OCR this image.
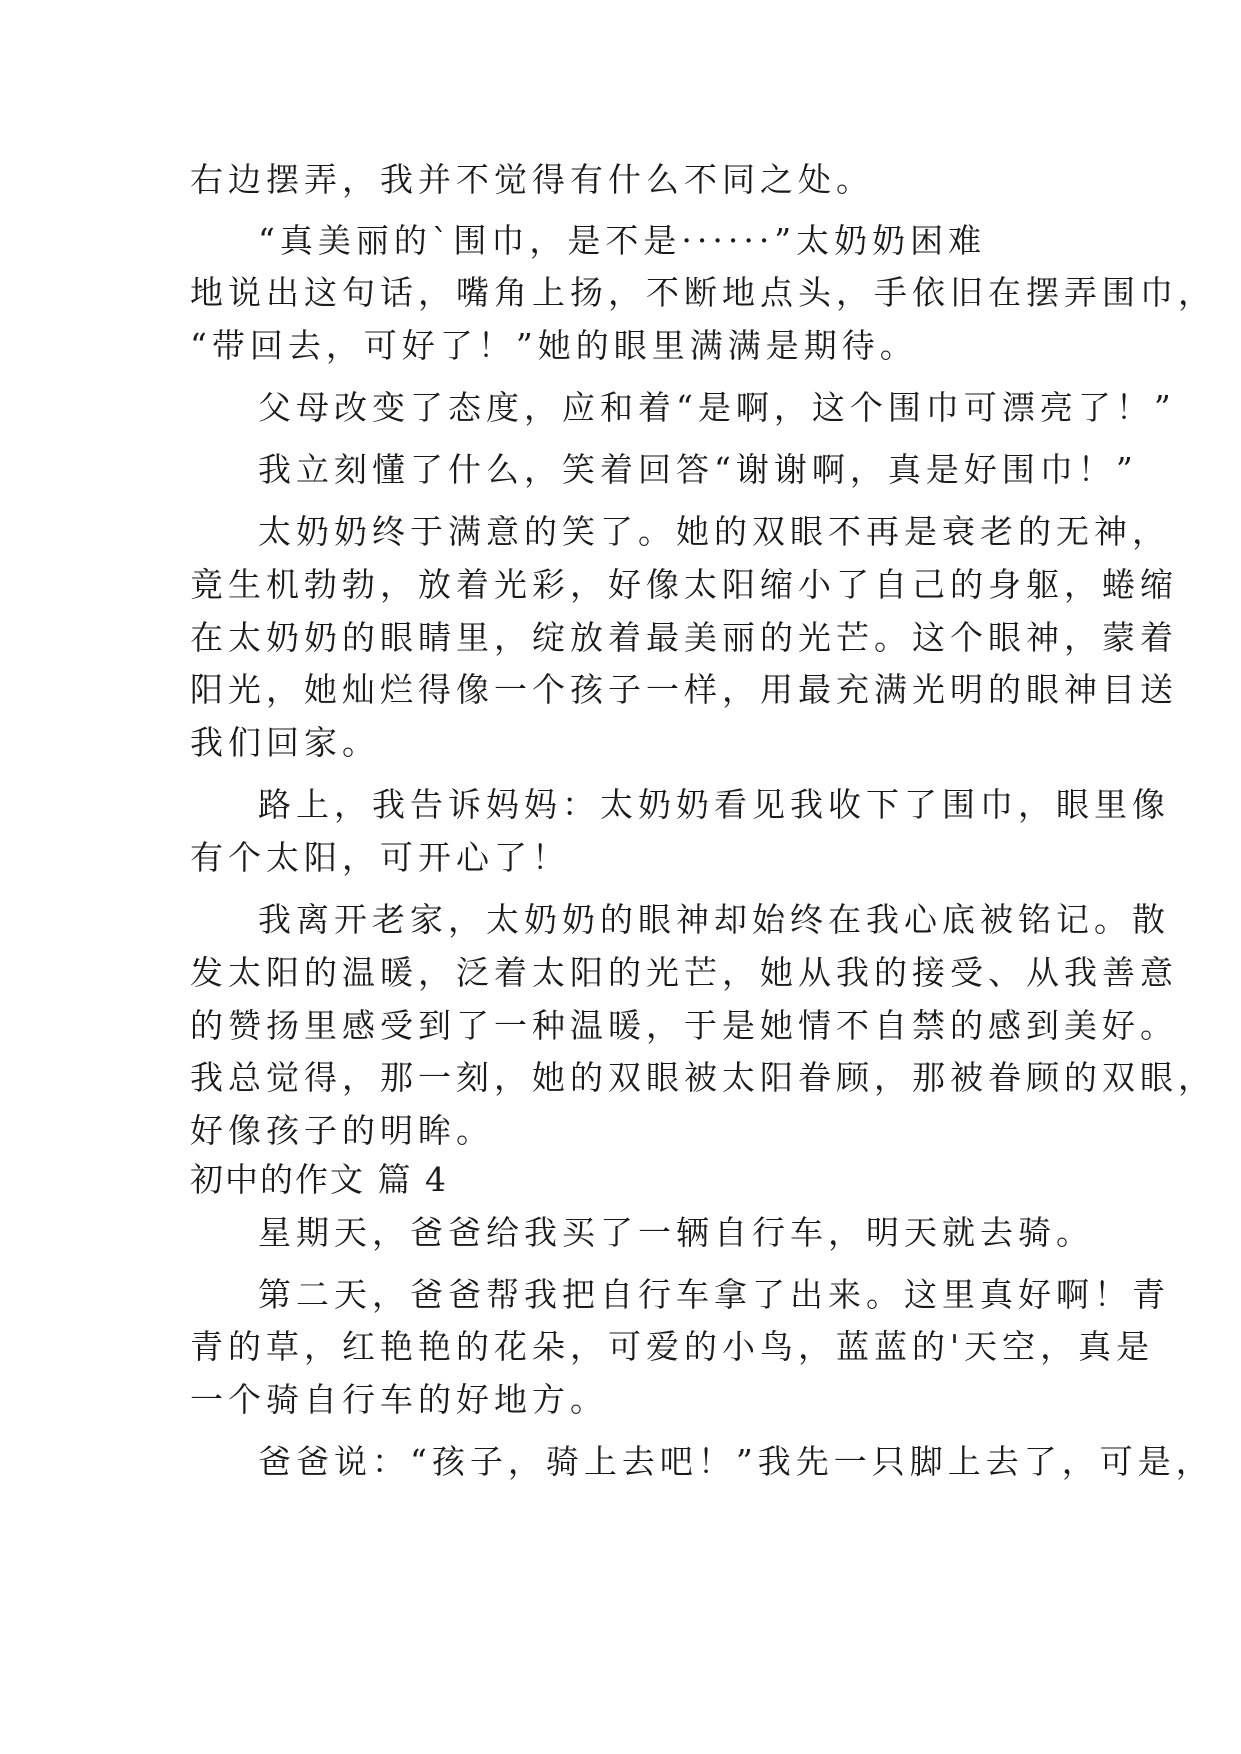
右边摆弄，我并不觉得有什么不同之处。
“真美丽的`围巾，是不是······”太奶奶困难
地说出这句话，嘴角上扬，不断地点头，手依旧在摆弄围巾，
“带回去，可好了！”她的眼里满满是期待。
父母改变了态度，应和着“是啊，这个围巾可漂亮了！”
我立刻懂了什么，笑着回答“谢谢啊，真是好围巾！”
太奶奶终于满意的笑了。她的双眼不再是衰老的无神，
竟生机勃勃，放着光彩，好像太阳缩小了自己的身躯，蜷缩
在太奶奶的眼睛里，绽放着最美丽的光芒。这个眼神，蒙着
阳光，她灿烂得像一个孩子一样，用最充满光明的眼神目送
我们回家。
路上，我告诉妈妈：太奶奶看见我收下了围巾，眼里像
有个太阳，可开心了！
我离开老家，太奶奶的眼神却始终在我心底被铭记。散
发太阳的温暖，泛着太阳的光芒，她从我的接受、从我善意
的赞扬里感受到了一种温暖，于是她情不自禁的感到美好。
我总觉得，那一刻，她的双眼被太阳眷顾，那被眷顾的双眼，
好像孩子的明眸。
初中的作文 篇 4
星期天，爸爸给我买了一辆自行车，明天就去骑。
第二天，爸爸帮我把自行车拿了出来。这里真好啊！青
青的草，红艳艳的花朵，可爱的小鸟，蓝蓝的'天空，真是
一个骑自行车的好地方。
爸爸说：“孩子，骑上去吧！”我先一只脚上去了，可是，
